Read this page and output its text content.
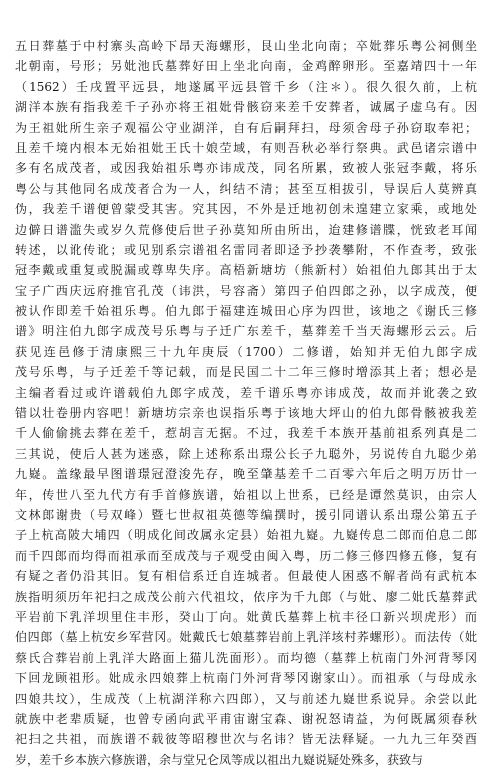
五日葬墓于中村寨头高岭下昂天海螺形，艮山坐北向南；卒妣葬乐粤公祠侧坐
北朝南，号形；另妣池氏墓葬好田上坐北向南，金鸡醉卵形。至嘉靖四十一年
（1562）壬戌置平远县，地遂属平远县管千乡（注＊）。很久很久前，上杭
湖洋本族有指我差千子孙亦将王祖妣骨骸窃来差千安葬者，诚属子虚乌有。因
为王祖妣所生亲子观福公守业湖洋，自有后嗣拜扫，母须舍母子孙窃取奉祀；
且差千境内根本无始祖妣王氏十娘茔域，有则吾秋必举行祭典。武邑诸宗谱中
多有名成茂者，或因我始祖乐粤亦讳成茂，同名所累，致被人张冠李戴，将乐
粤公与其他同名成茂者合为一人，纠结不清；甚至互相拔引，导误后人莫辨真
伪，我差千谱便曾蒙受其害。究其因，不外是迁地初创未遑建立家乘，或地处
边僻日谱滥失或岁久荒修使后世子孙莫知所由所出，迨建修谱牒，恍致老耳闻
转述，以讹传讹；或见别系宗谱祖名雷同者即迳予抄袭攀附，不作查考，致张
冠李戴或重复或脱漏或尊卑失序。高梧新塘坊（熊新村）始祖伯九郎其出于太
宝子广西庆远府推官孔茂（讳洪，号容斋）第四子伯四郎之孙，以字成茂，便
被认作即差千始祖乐粤。伯九郎于福建连城田心序为四世，该地之《谢氏三修
谱》明注伯九郎字成茂号乐粤与子迁广东差千，墓葬差千当天海螺形云云。后
获见连邑修于清康熙三十九年庚辰（1700）二修谱，始知并无伯九郎字成
茂号乐粤，与子迁差千等记载，而是民国二十二年三修时增添其上者；想必是
主编者看过或许谱载伯九郎字成茂，差千谱乐粤亦讳成茂，故而并讹袭之致
错以壮卷册内容吧！新塘坊宗亲也误指乐粤于该地大坪山的伯九郎骨骸被我差
千人偷偷挑去葬在差千，惹胡言无据。不过，我差千本族开基前祖系列真是二
三其说，使后人甚为迷惑，除上述称系出璟公长子九聪外，另说传自九聪少弟
九嶷。盖缘最早图谱璟冠澄浚先存，晚至肇基差千二百零六年后之明万历廿一
年，传世八至九代方有手首修族谱，始祖以上世系，已经是谭然莫识，由宗人
文林郎谢贵（号双峰）暨七世叔祖英德等编撰时，援引同谱认系出璟公第五子
子上杭高陂大埔四（明成化间改属永定县）始祖九嶷。九嶷传息二郎而伯息二郎
而千四郎而均得而祖承而至成茂与子观受由闽入粤，历二修三修四修五修，复有
有疑之者仍沿其旧。复有相信系迁自连城者。但最使人困惑不解者尚有武杭本
族指明须历年祀扫之成茂公前六代祖坟，依序为千九郎（与妣、廖二妣氏墓葬武
平岩前下乳洋坝里住丰形，癸山丁向。妣黄氏墓葬上杭丰径口新兴坝虎形）而
伯四郎（墓上杭安乡军营冈。妣戴氏七娘墓葬岩前上乳洋垓村荞螺形）。而法传（妣
蔡氏合葬岩前上乳洋大路面上猫儿洗面形）。而均德（墓葬上杭南门外河背琴冈
下回龙顾祖形。妣成永四娘葬上杭南门外河背琴冈谢家山）。而祖承（与母成永
四娘共坟），生成茂（上杭湖洋称六四郎），又与前述九嶷世系说异。余尝以此
就族中老辈质疑，也曾专函向武平甫宙谢宝森、谢祝怒请益，为何既属须春秋
祀扫之共祖，而族谱不载彼等昭穆世次与名讳？皆无法释疑。一九九三年癸酉
岁，差千乡本族六修族谱，余与堂兄仑凤等成以祖出九嶷说疑处殊多，获致与
